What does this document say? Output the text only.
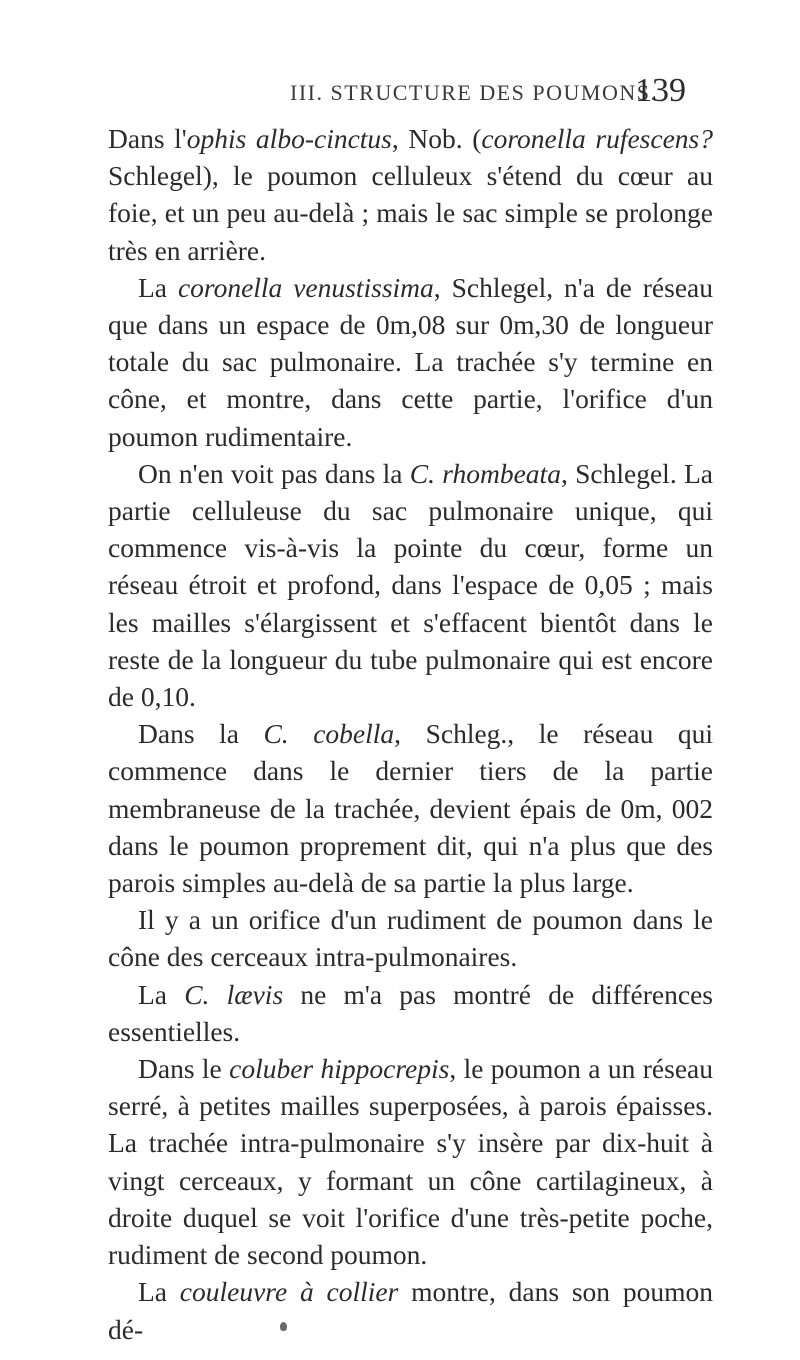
III. STRUCTURE DES POUMONS.
139

Dans l'ophis albo-cinctus, Nob. (coronella rufescens? Schlegel), le poumon celluleux s'étend du cœur au foie, et un peu au-delà ; mais le sac simple se prolonge très en arrière.

La coronella venustissima, Schlegel, n'a de réseau que dans un espace de 0m,08 sur 0m,30 de longueur totale du sac pulmonaire. La trachée s'y termine en cône, et montre, dans cette partie, l'orifice d'un poumon rudimentaire.

On n'en voit pas dans la C. rhombeata, Schlegel. La partie celluleuse du sac pulmonaire unique, qui commence vis-à-vis la pointe du cœur, forme un réseau étroit et profond, dans l'espace de 0,05 ; mais les mailles s'élargissent et s'effacent bientôt dans le reste de la longueur du tube pulmonaire qui est encore de 0,10.

Dans la C. cobella, Schleg., le réseau qui commence dans le dernier tiers de la partie membraneuse de la trachée, devient épais de 0m, 002 dans le poumon proprement dit, qui n'a plus que des parois simples au-delà de sa partie la plus large.

Il y a un orifice d'un rudiment de poumon dans le cône des cerceaux intra-pulmonaires.

La C. lævis ne m'a pas montré de différences essentielles.

Dans le coluber hippocrepis, le poumon a un réseau serré, à petites mailles superposées, à parois épaisses. La trachée intra-pulmonaire s'y insère par dix-huit à vingt cerceaux, y formant un cône cartilagineux, à droite duquel se voit l'orifice d'une très-petite poche, rudiment de second poumon.

La couleuvre à collier montre, dans son poumon dé-
